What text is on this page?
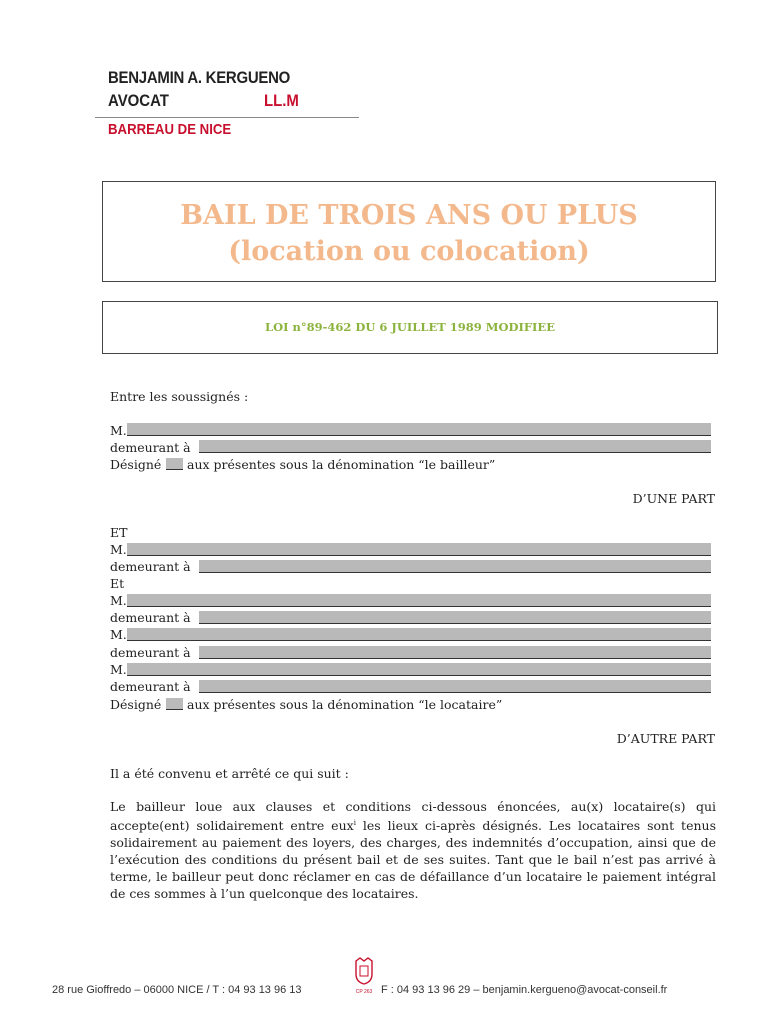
BENJAMIN A. KERGUENO
AVOCAT	LL.M
BARREAU DE NICE
BAIL DE TROIS ANS OU PLUS
(location ou colocation)
LOI n°89-462 DU 6 JUILLET 1989 MODIFIEE
Entre les soussignés :
M.
demeurant à
Désigné aux présentes sous la dénomination “le bailleur”
D’UNE PART
ET
M.
demeurant à
Et
M.
demeurant à
M.
demeurant à
M.
demeurant à
Désigné aux présentes sous la dénomination “le locataire”
D’AUTRE PART
Il a été convenu et arrêté ce qui suit :
Le bailleur loue aux clauses et conditions ci-dessous énoncées, au(x) locataire(s) qui accepte(ent) solidairement entre eux$^i$ les lieux ci-après désignés. Les locataires sont tenus solidairement au paiement des loyers, des charges, des indemnités d’occupation, ainsi que de l’exécution des conditions du présent bail et de ses suites. Tant que le bail n’est pas arrivé à terme, le bailleur peut donc réclamer en cas de défaillance d’un locataire le paiement intégral de ces sommes à l’un quelconque des locataires.
28 rue Gioffredo – 06000 NICE / T : 04 93 13 96 13	CP 263 F : 04 93 13 96 29 – benjamin.kergueno@avocat-conseil.fr
